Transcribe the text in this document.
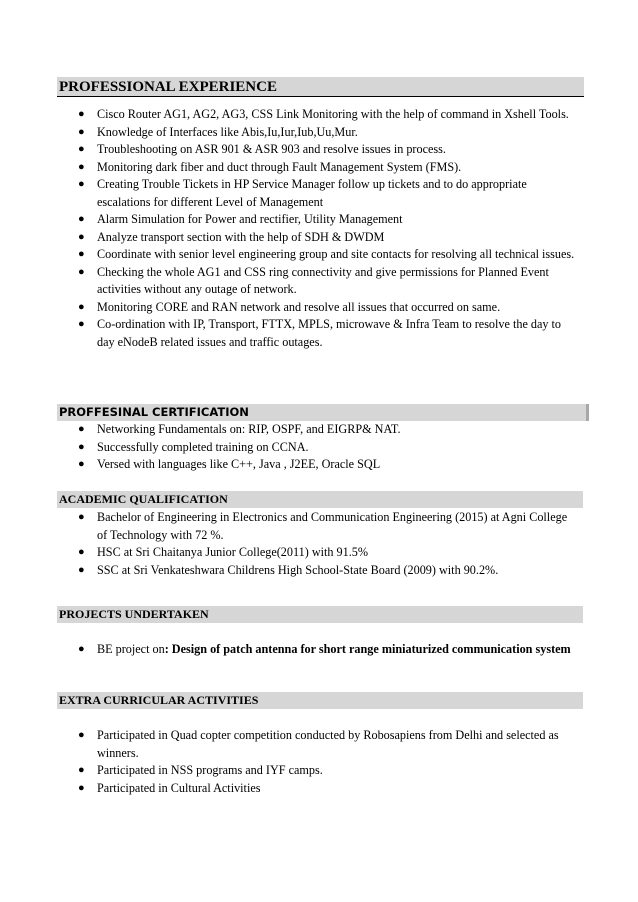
PROFESSIONAL EXPERIENCE
● Cisco Router AG1, AG2, AG3, CSS Link Monitoring with the help of command in Xshell Tools.
● Knowledge of Interfaces like Abis,Iu,Iur,Iub,Uu,Mur.
● Troubleshooting on ASR 901 & ASR 903 and resolve issues in process.
● Monitoring dark fiber and duct through Fault Management System (FMS).
● Creating Trouble Tickets in HP Service Manager follow up tickets and to do appropriate escalations for different Level of Management
● Alarm Simulation for Power and rectifier, Utility Management
● Analyze transport section with the help of SDH & DWDM
● Coordinate with senior level engineering group and site contacts for resolving all technical issues.
● Checking the whole AG1 and CSS ring connectivity and give permissions for Planned Event activities without any outage of network.
● Monitoring CORE and RAN network and resolve all issues that occurred on same.
● Co-ordination with IP, Transport, FTTX, MPLS, microwave & Infra Team to resolve the day to day eNodeB related issues and traffic outages.
PROFFESINAL CERTIFICATION
● Networking Fundamentals on: RIP, OSPF, and EIGRP& NAT.
● Successfully completed training on CCNA.
● Versed with languages like C++, Java , J2EE, Oracle SQL
ACADEMIC QUALIFICATION
● Bachelor of Engineering in Electronics and Communication Engineering (2015) at Agni College of Technology with 72 %.
● HSC at Sri Chaitanya Junior College(2011) with 91.5%
● SSC at Sri Venkateshwara Childrens High School-State Board (2009) with 90.2%.
PROJECTS UNDERTAKEN
● BE project on: Design of patch antenna for short range miniaturized communication system
EXTRA CURRICULAR ACTIVITIES
● Participated in Quad copter competition conducted by Robosapiens from Delhi and selected as winners.
● Participated in NSS programs and IYF camps.
● Participated in Cultural Activities
